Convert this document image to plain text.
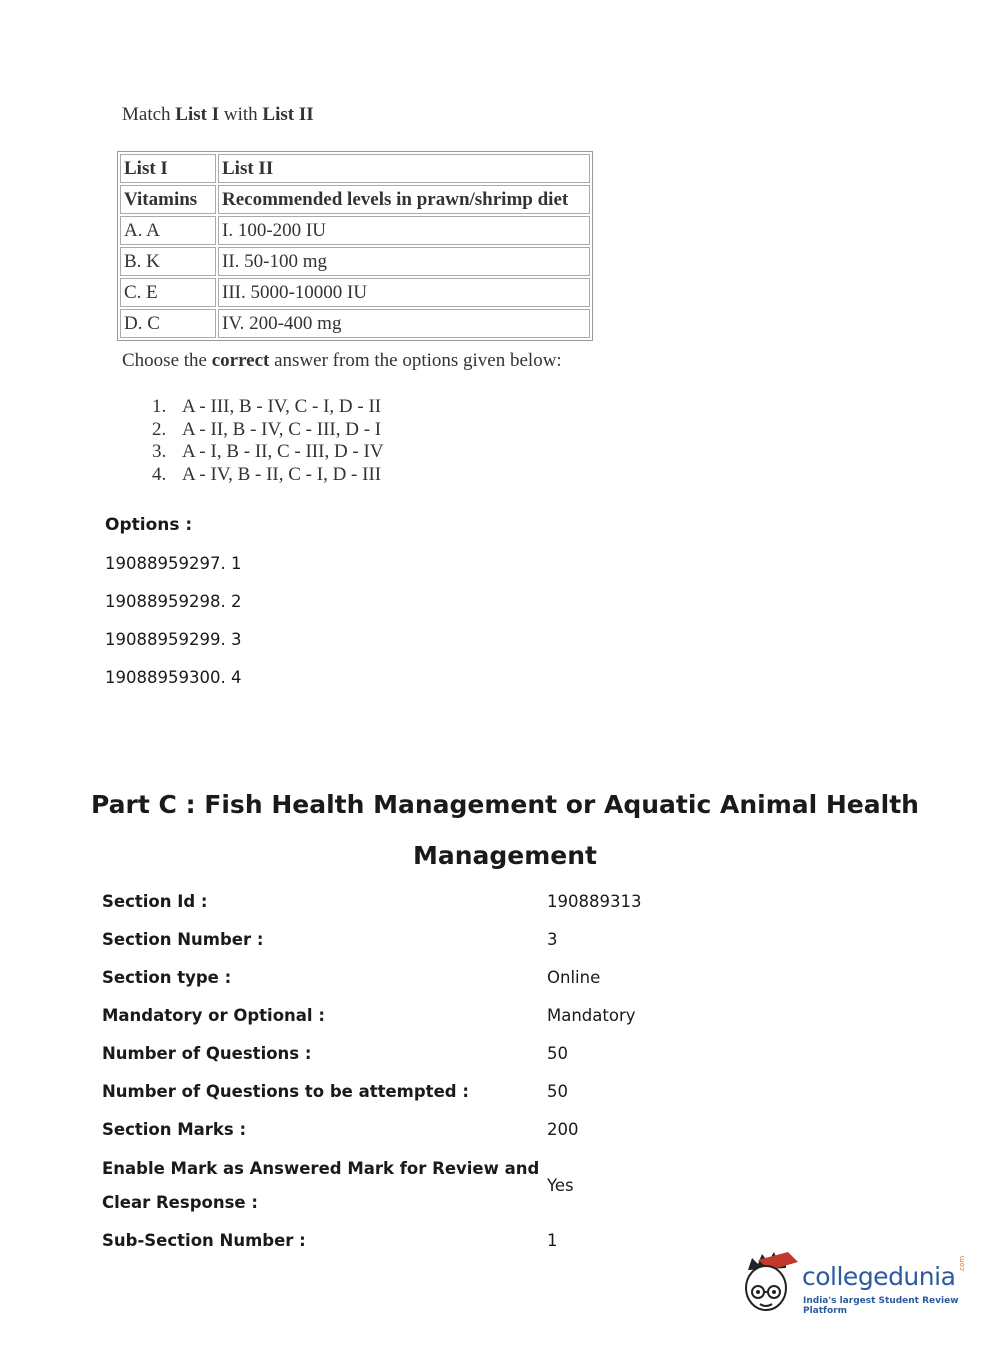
Match List I with List II
List I	List II
Vitamins	Recommended levels in prawn/shrimp diet
A. A	I. 100-200 IU
B. K	II. 50-100 mg
C. E	III. 5000-10000 IU
D. C	IV. 200-400 mg
Choose the correct answer from the options given below:
1. A - III, B - IV, C - I, D - II
2. A - II, B - IV, C - III, D - I
3. A - I, B - II, C - III, D - IV
4. A - IV, B - II, C - I, D - III
Options :
19088959297. 1
19088959298. 2
19088959299. 3
19088959300. 4
Part C : Fish Health Management or Aquatic Animal Health
Management
Section Id :	190889313
Section Number :	3
Section type :	Online
Mandatory or Optional :	Mandatory
Number of Questions :	50
Number of Questions to be attempted :	50
Section Marks :	200
Enable Mark as Answered Mark for Review and
Clear Response :
Yes
Sub-Section Number :	1
collegedunia .com
India's largest Student Review Platform
